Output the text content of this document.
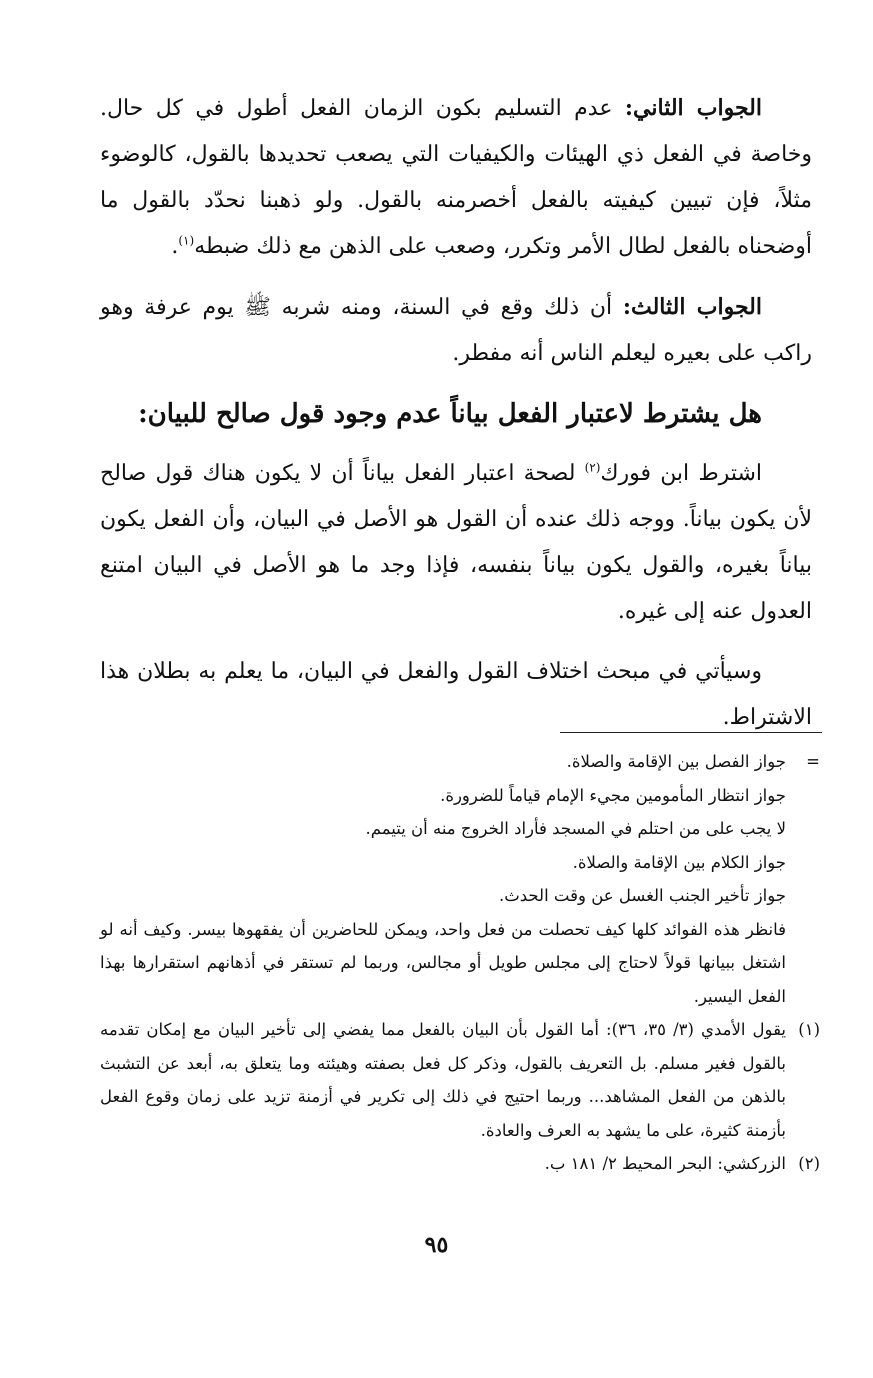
الجواب الثاني: عدم التسليم بكون الزمان الفعل أطول في كل حال. وخاصة في الفعل ذي الهيئات والكيفيات التي يصعب تحديدها بالقول، كالوضوء مثلاً، فإن تبيين كيفيته بالفعل أخصرمنه بالقول. ولو ذهبنا نحدّد بالقول ما أوضحناه بالفعل لطال الأمر وتكرر، وصعب على الذهن مع ذلك ضبطه$^{(١)}$.

الجواب الثالث: أن ذلك وقع في السنة، ومنه شربه ﷺ يوم عرفة وهو راكب على بعيره ليعلم الناس أنه مفطر.

هل يشترط لاعتبار الفعل بياناً عدم وجود قول صالح للبيان:

اشترط ابن فورك$^{(٢)}$ لصحة اعتبار الفعل بياناً أن لا يكون هناك قول صالح لأن يكون بياناً. ووجه ذلك عنده أن القول هو الأصل في البيان، وأن الفعل يكون بياناً بغيره، والقول يكون بياناً بنفسه، فإذا وجد ما هو الأصل في البيان امتنع العدول عنه إلى غيره.

وسيأتي في مبحث اختلاف القول والفعل في البيان، ما يعلم به بطلان هذا الاشتراط.

=

جواز الفصل بين الإقامة والصلاة.

جواز انتظار المأمومين مجيء الإمام قياماً للضرورة.

لا يجب على من احتلم في المسجد فأراد الخروج منه أن يتيمم.

جواز الكلام بين الإقامة والصلاة.

جواز تأخير الجنب الغسل عن وقت الحدث.

فانظر هذه الفوائد كلها كيف تحصلت من فعل واحد، ويمكن للحاضرين أن يفقهوها بيسر. وكيف أنه لو اشتغل ببيانها قولاً لاحتاج إلى مجلس طويل أو مجالس، وربما لم تستقر في أذهانهم استقرارها بهذا الفعل اليسير.

(١)
يقول الأمدي (٣/ ٣٥، ٣٦): أما القول بأن البيان بالفعل مما يفضي إلى تأخير البيان مع إمكان تقدمه بالقول فغير مسلم. بل التعريف بالقول، وذكر كل فعل بصفته وهيئته وما يتعلق به، أبعد عن التشبث بالذهن من الفعل المشاهد... وربما احتيج في ذلك إلى تكرير في أزمنة تزيد على زمان وقوع الفعل بأزمنة كثيرة، على ما يشهد به العرف والعادة.
(٢)
الزركشي: البحر المحيط ٢/ ١٨١ ب.
٩٥
